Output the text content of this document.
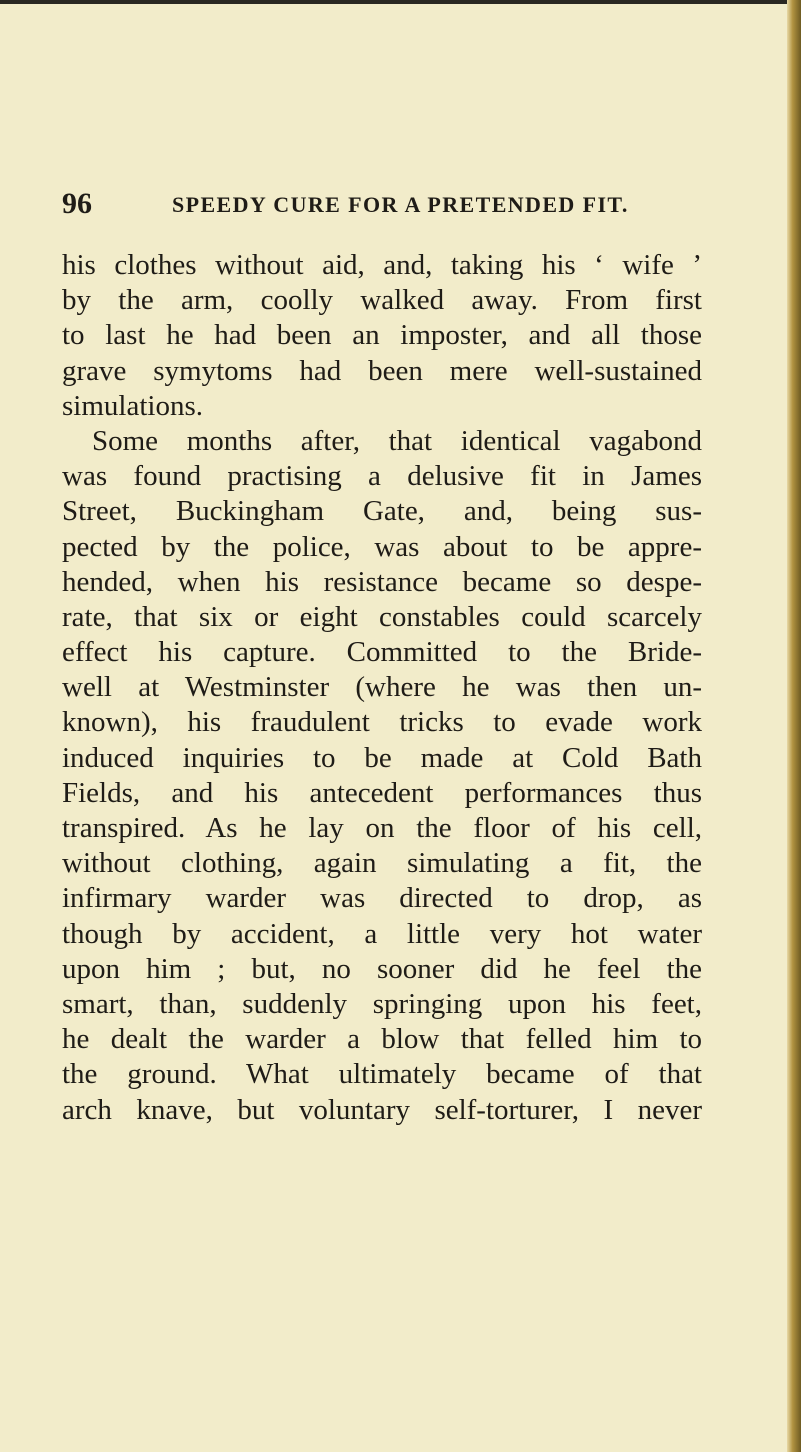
96	SPEEDY CURE FOR A PRETENDED FIT.
his clothes without aid, and, taking his ‘ wife ’
by the arm, coolly walked away. From first
to last he had been an imposter, and all those
grave symytoms had been mere well-sustained
simulations.
Some months after, that identical vagabond
was found practising a delusive fit in James
Street, Buckingham Gate, and, being sus-
pected by the police, was about to be appre-
hended, when his resistance became so despe-
rate, that six or eight constables could scarcely
effect his capture. Committed to the Bride-
well at Westminster (where he was then un-
known), his fraudulent tricks to evade work
induced inquiries to be made at Cold Bath
Fields, and his antecedent performances thus
transpired. As he lay on the floor of his cell,
without clothing, again simulating a fit, the
infirmary warder was directed to drop, as
though by accident, a little very hot water
upon him ; but, no sooner did he feel the
smart, than, suddenly springing upon his feet,
he dealt the warder a blow that felled him to
the ground. What ultimately became of that
arch knave, but voluntary self-torturer, I never
